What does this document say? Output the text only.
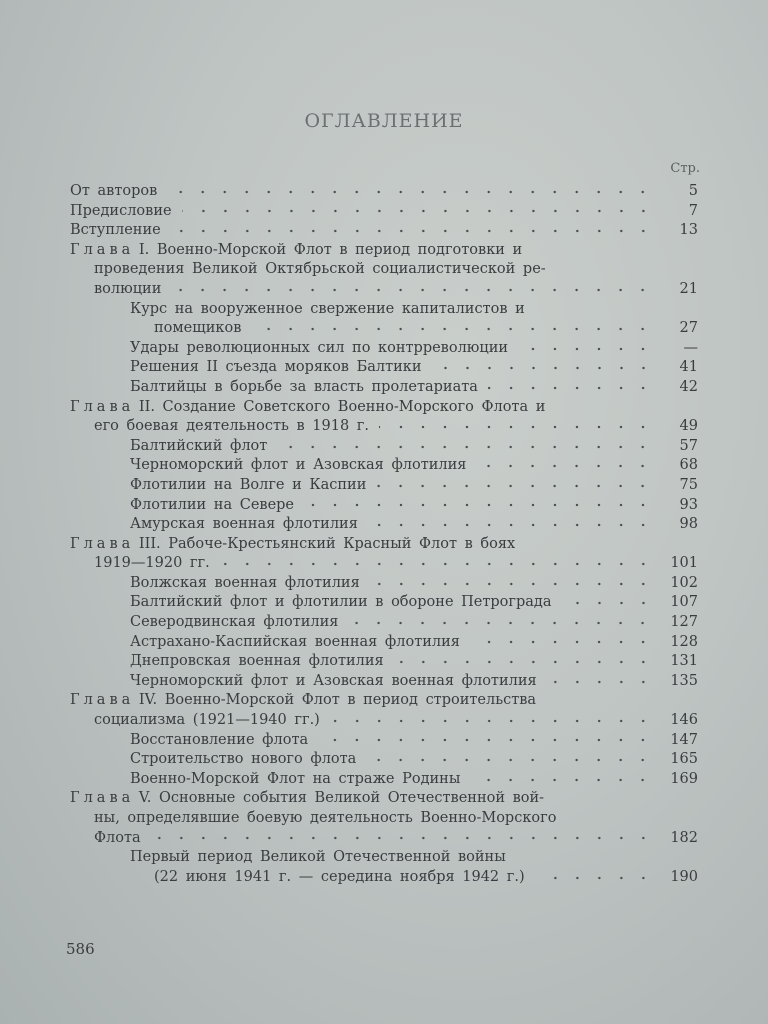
ОГЛАВЛЕНИЕ
Стр.
От авторов	5
Предисловие	7
Вступление	13
Глава
I. Военно-Морской Флот в период подготовки и
проведения Великой Октябрьской социалистической ре-
волюции	21
Курс на вооруженное свержение капиталистов и
помещиков	27
Удары революционных сил по контрреволюции	—
Решения II съезда моряков Балтики	41
Балтийцы в борьбе за власть пролетариата	42
Глава
II. Создание Советского Военно-Морского Флота и
его боевая деятельность в 1918 г.	49
Балтийский флот	57
Черноморский флот и Азовская флотилия	68
Флотилии на Волге и Каспии	75
Флотилии на Севере	93
Амурская военная флотилия	98
Глава
III. Рабоче-Крестьянский Красный Флот в боях
1919—1920 гг.	101
Волжская военная флотилия	102
Балтийский флот и флотилии в обороне Петрограда	107
Северодвинская флотилия	127
Астрахано-Каспийская военная флотилия	128
Днепровская военная флотилия	131
Черноморский флот и Азовская военная флотилия	135
Глава
IV. Военно-Морской Флот в период строительства
социализма (1921—1940 гг.)	146
Восстановление флота	147
Строительство нового флота	165
Военно-Морской Флот на страже Родины	169
Глава
V. Основные события Великой Отечественной вой-
ны, определявшие боевую деятельность Военно-Морского
Флота	182
Первый период Великой Отечественной войны
(22 июня 1941 г. — середина ноября 1942 г.)	190
586
